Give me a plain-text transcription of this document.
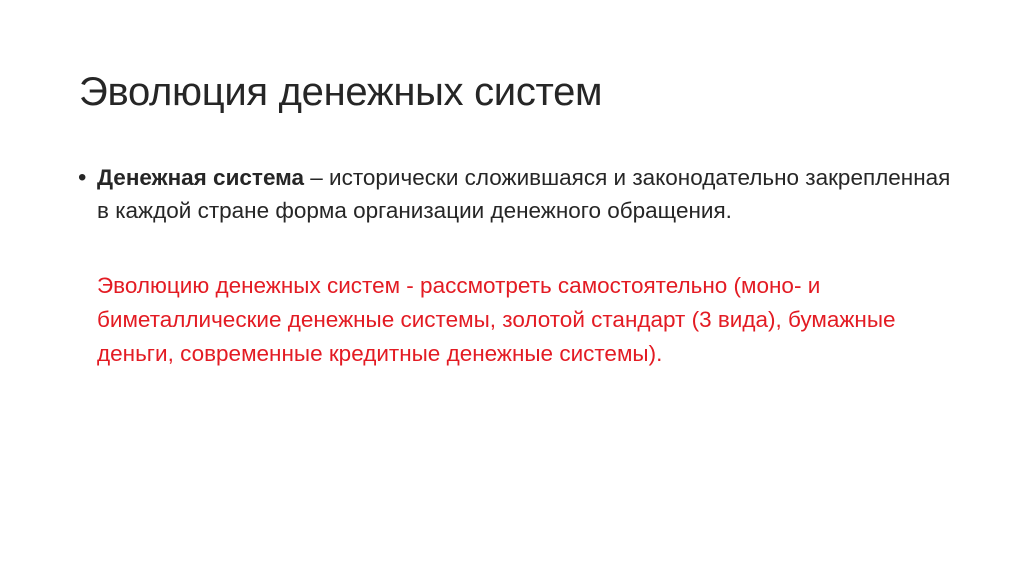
Эволюция денежных систем
• Денежная система – исторически сложившаяся и законодательно закрепленная в каждой стране форма организации денежного обращения.
Эволюцию денежных систем - рассмотреть самостоятельно (моно- и биметаллические денежные системы, золотой стандарт (3 вида), бумажные деньги, современные кредитные денежные системы).
